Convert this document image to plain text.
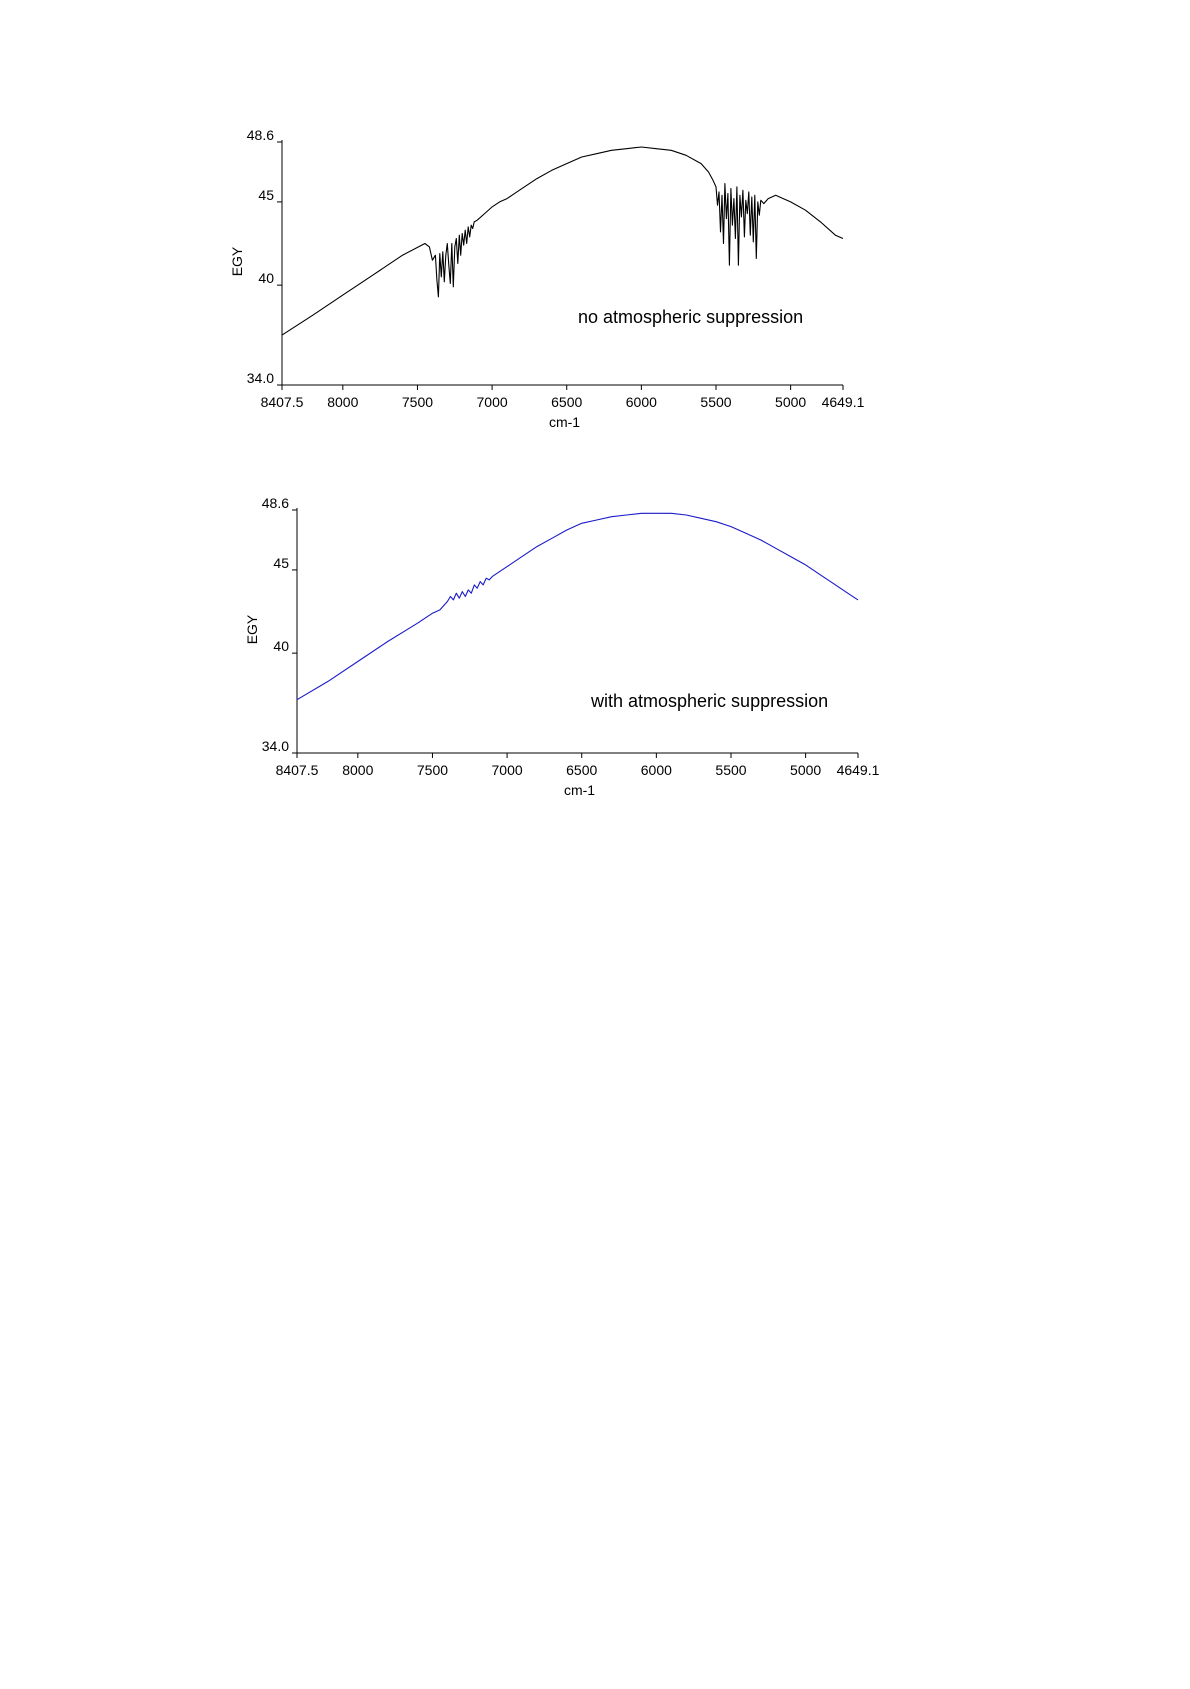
48.6
45
40
34.0
8407.5 8000	7500	7000	6500	6000	5500	5000 4649.1
cm-1
EGY
no atmospheric suppression
48.6
45
40
34.0
8407.5 8000	7500	7000	6500	6000	5500	5000 4649.1
cm-1
EGY
with atmospheric suppression
